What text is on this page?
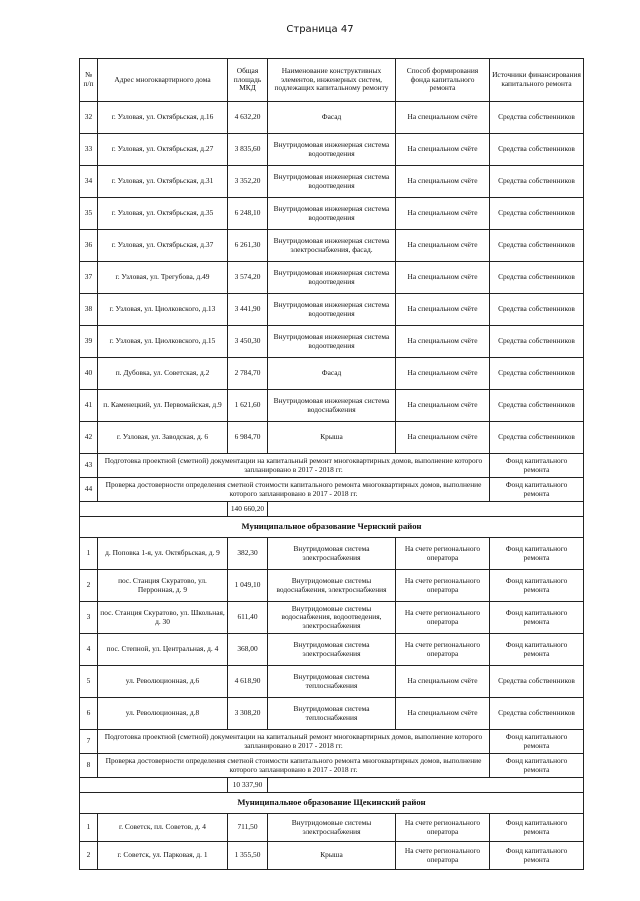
Страница 47
№ п/п	Адрес многоквартирного дома	Общая площадь МКД	Наименование конструктивных элементов, инженерных систем, подлежащих капитальному ремонту	Способ формирования фонда капитального ремонта	Источники финансирования капитального ремонта
32	г. Узловая, ул. Октябрьская, д.16	4 632,20	Фасад	На специальном счёте	Средства собственников
33	г. Узловая, ул. Октябрьская, д.27	3 835,60	Внутридомовая инженерная система водоотведения	На специальном счёте	Средства собственников
34	г. Узловая, ул. Октябрьская, д.31	3 352,20	Внутридомовая инженерная система водоотведения	На специальном счёте	Средства собственников
35	г. Узловая, ул. Октябрьская, д.35	6 248,10	Внутридомовая инженерная система водоотведения	На специальном счёте	Средства собственников
36	г. Узловая, ул. Октябрьская, д.37	6 261,30	Внутридомовая инженерная система электроснабжения, фасад.	На специальном счёте	Средства собственников
37	г. Узловая, ул. Трегубова, д.49	3 574,20	Внутридомовая инженерная система водоотведения	На специальном счёте	Средства собственников
38	г. Узловая, ул. Циолковского, д.13	3 441,90	Внутридомовая инженерная система водоотведения	На специальном счёте	Средства собственников
39	г. Узловая, ул. Циолковского, д.15	3 450,30	Внутридомовая инженерная система водоотведения	На специальном счёте	Средства собственников
40	п. Дубовка, ул. Советская, д.2	2 784,70	Фасад	На специальном счёте	Средства собственников
41	п. Каменецкий, ул. Первомайская, д.9	1 621,60	Внутридомовая инженерная система водоснабжения	На специальном счёте	Средства собственников
42	г. Узловая, ул. Заводская, д. 6	6 984,70	Крыша	На специальном счёте	Средства собственников
43	Подготовка проектной (сметной) документации на капитальный ремонт многоквартирных домов, выполнение которого запланировано в 2017 - 2018 гг.				Фонд капитального ремонта
44	Проверка достоверности определения сметной стоимости капитального ремонта многоквартирных домов, выполнение которого запланировано в 2017 - 2018 гг.				Фонд капитального ремонта
		140 660,20			
Муниципальное образование Чернский район					
1	д. Поповка 1-я, ул. Октябрьская, д. 9	382,30	Внутридомовая система электроснабжения	На счете регионального оператора	Фонд капитального ремонта
2	пос. Станция Скуратово, ул. Перронная, д. 9	1 049,10	Внутридомовые системы водоснабжения, электроснабжения	На счете регионального оператора	Фонд капитального ремонта
3	пос. Станция Скуратово, ул. Школьная, д. 30	611,40	Внутридомовые системы водоснабжения, водоотведения, электроснабжения	На счете регионального оператора	Фонд капитального ремонта
4	пос. Степной, ул. Центральная, д. 4	368,00	Внутридомовая система электроснабжения	На счете регионального оператора	Фонд капитального ремонта
5	ул. Революционная, д.6	4 618,90	Внутридомовая система теплоснабжения	На специальном счёте	Средства собственников
6	ул. Революционная, д.8	3 308,20	Внутридомовая система теплоснабжения	На специальном счёте	Средства собственников
7	Подготовка проектной (сметной) документации на капитальный ремонт многоквартирных домов, выполнение которого запланировано в 2017 - 2018 гг.				Фонд капитального ремонта
8	Проверка достоверности определения сметной стоимости капитального ремонта многоквартирных домов, выполнение которого запланировано в 2017 - 2018 гг.				Фонд капитального ремонта
		10 337,90			
Муниципальное образование Щекинский район					
1	г. Советск, пл. Советов, д. 4	711,50	Внутридомовые системы электроснабжения	На счете регионального оператора	Фонд капитального ремонта
2	г. Советск, ул. Парковая, д. 1	1 355,50	Крыша	На счете регионального оператора	Фонд капитального ремонта
